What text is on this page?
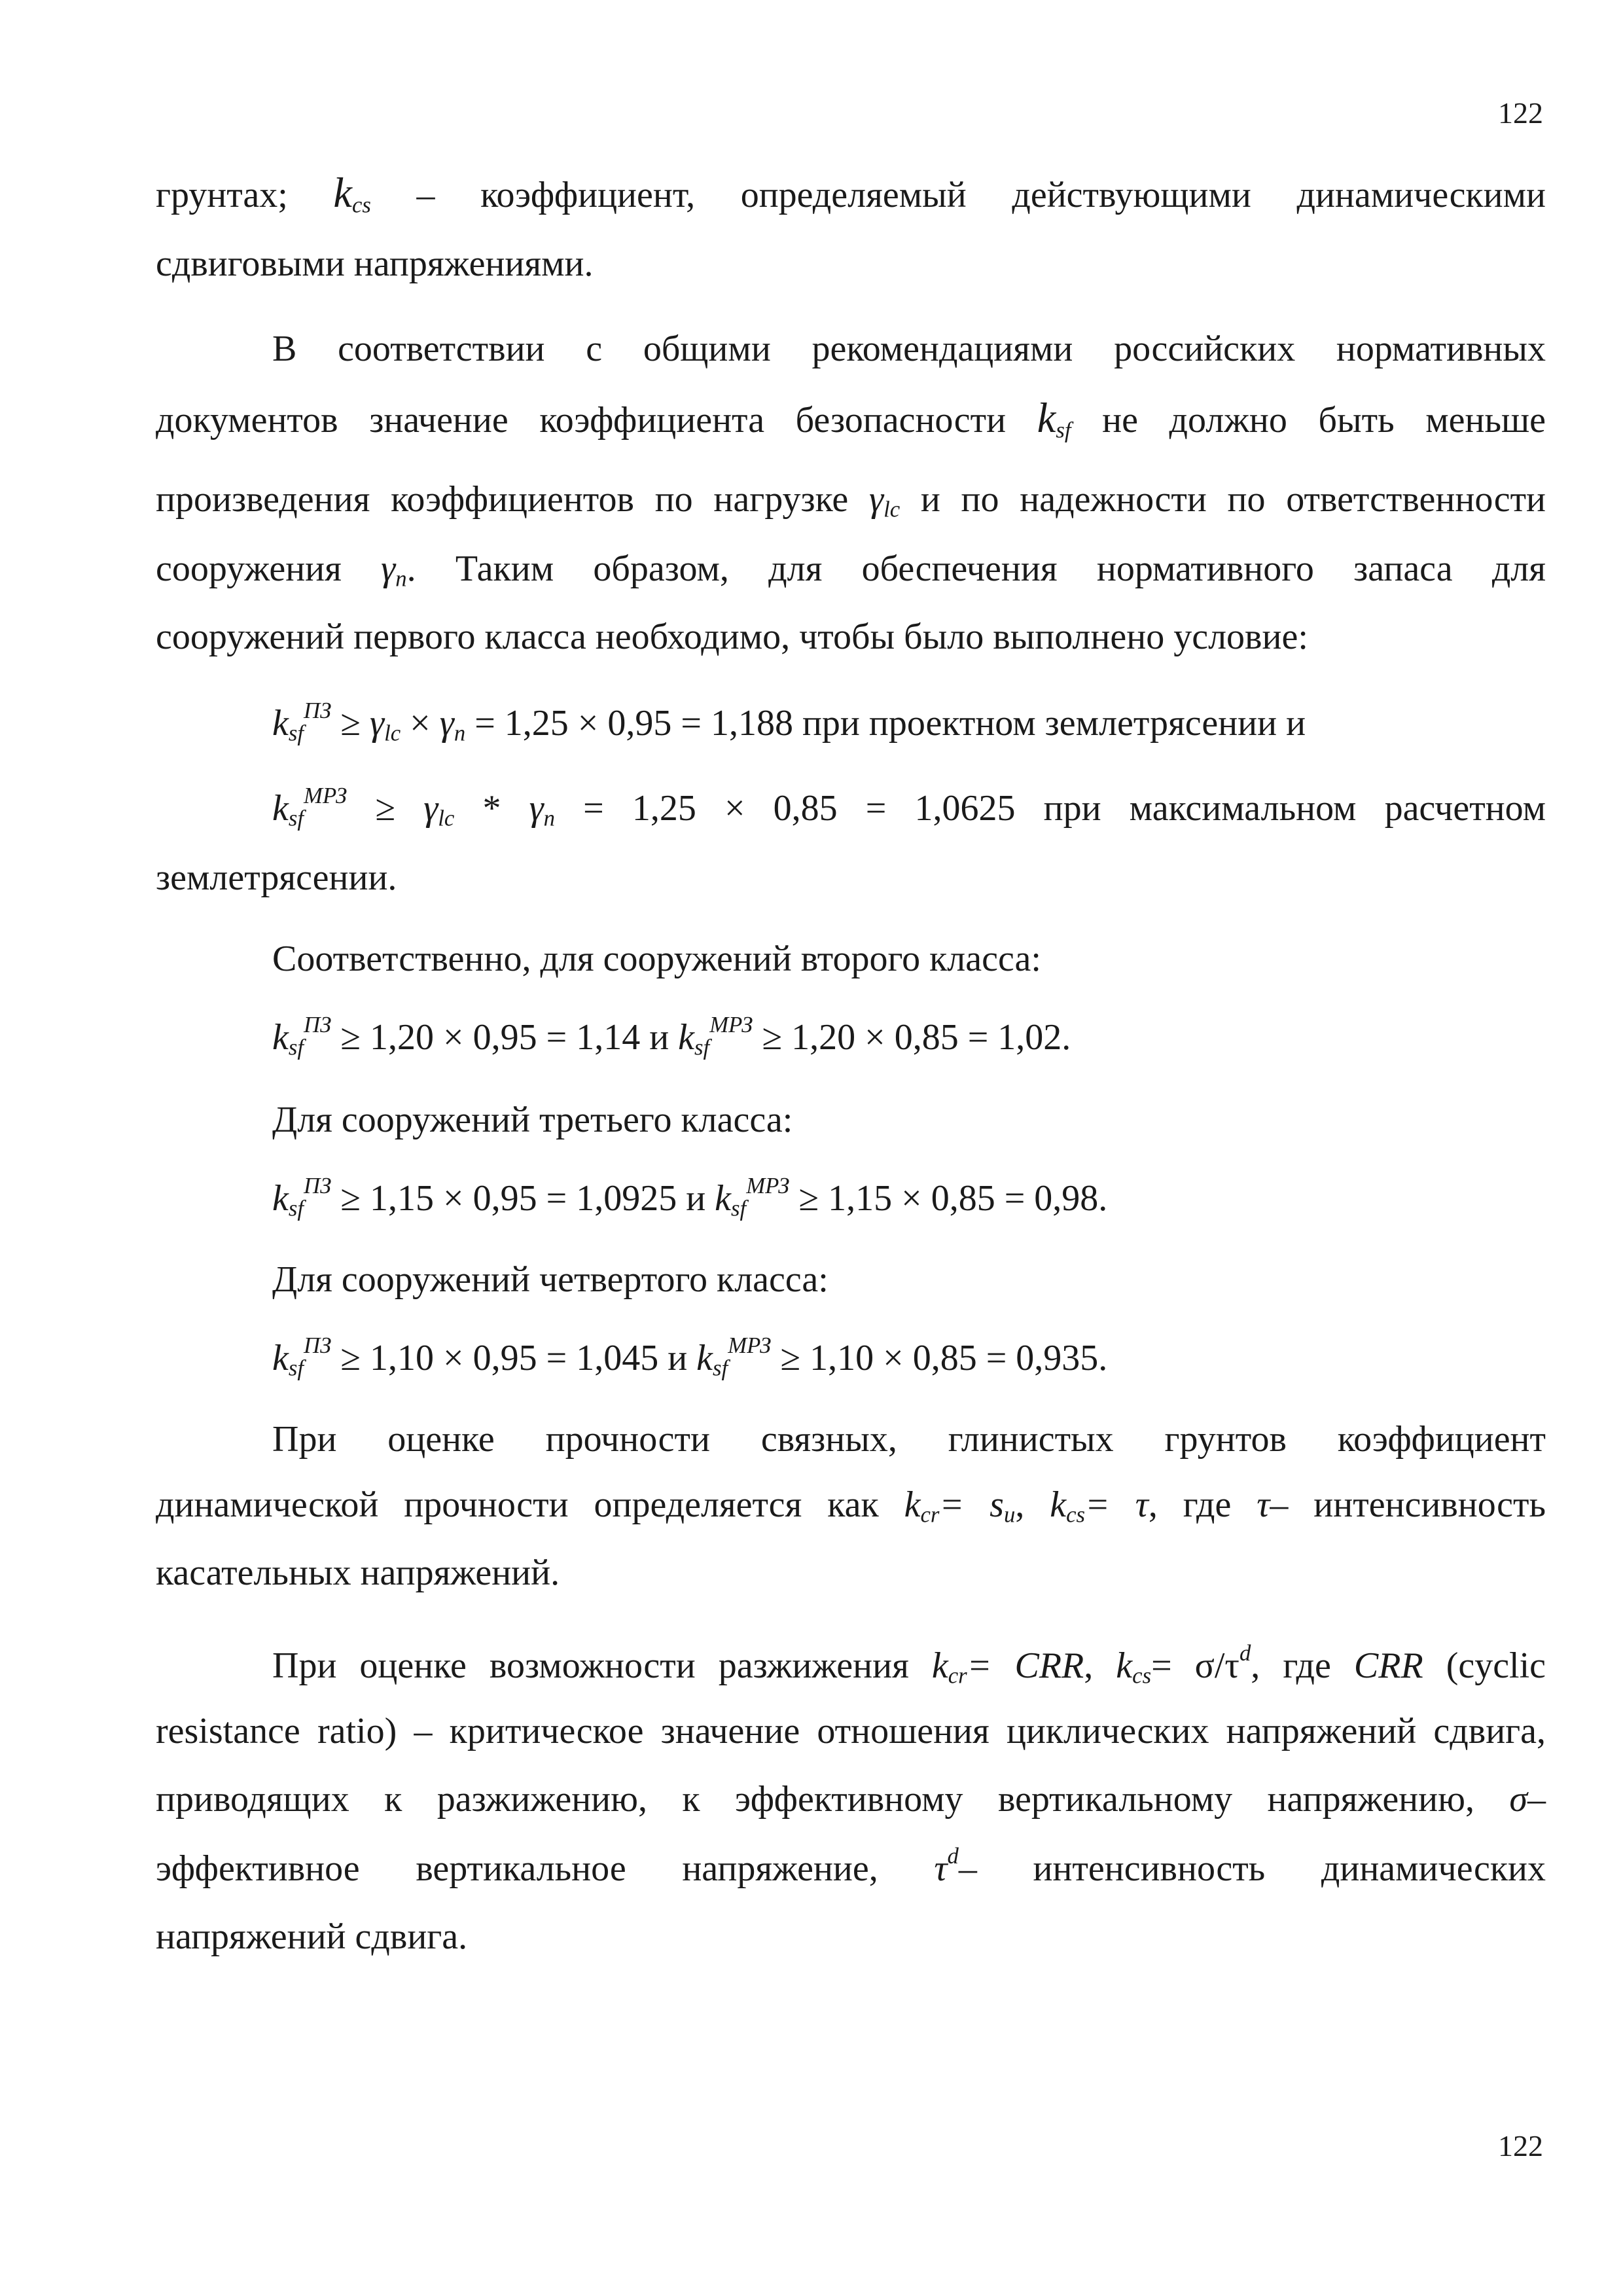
122
грунтах; $k_{cs}$ – коэффициент, определяемый действующими динамическими
сдвиговыми напряжениями.
В соответствии с общими рекомендациями российских нормативных
документов значение коэффициента безопасности $k_{sf}$ не должно быть меньше
произведения коэффициентов по нагрузке $\gamma_{lc}$ и по надежности по ответственности
сооружения $\gamma_n$. Таким образом, для обеспечения нормативного запаса для
сооружений первого класса необходимо, чтобы было выполнено условие:
$k_{sf}^{ПЗ} \ge \gamma_{lc} \times \gamma_n = 1,25 \times 0,95 = 1,188$ при проектном землетрясении и
$k_{sf}^{МРЗ} \ge \gamma_{lc} * \gamma_n = 1,25 \times 0,85 = 1,0625$ при максимальном расчетном
землетрясении.
Соответственно, для сооружений второго класса:
$k_{sf}^{ПЗ} \ge 1,20 \times 0,95 = 1,14$ и $k_{sf}^{МРЗ} \ge 1,20 \times 0,85 = 1,02$.
Для сооружений третьего класса:
$k_{sf}^{ПЗ} \ge 1,15 \times 0,95 = 1,0925$ и $k_{sf}^{МРЗ} \ge 1,15 \times 0,85 = 0,98$.
Для сооружений четвертого класса:
$k_{sf}^{ПЗ} \ge 1,10 \times 0,95 = 1,045$ и $k_{sf}^{МРЗ} \ge 1,10 \times 0,85 = 0,935$.
При оценке прочности связных, глинистых грунтов коэффициент
динамической прочности определяется как $k_{cr}= s_u$, $k_{cs}= \tau$, где τ– интенсивность
касательных напряжений.
При оценке возможности разжижения $k_{cr}=$ CRR, $k_{cs}= \sigma/\tau^d$, где CRR (cyclic
resistance ratio) – критическое значение отношения циклических напряжений сдвига,
приводящих к разжижению, к эффективному вертикальному напряжению, σ–
эффективное вертикальное напряжение, $\tau^d-$ интенсивность динамических
напряжений сдвига.
122
